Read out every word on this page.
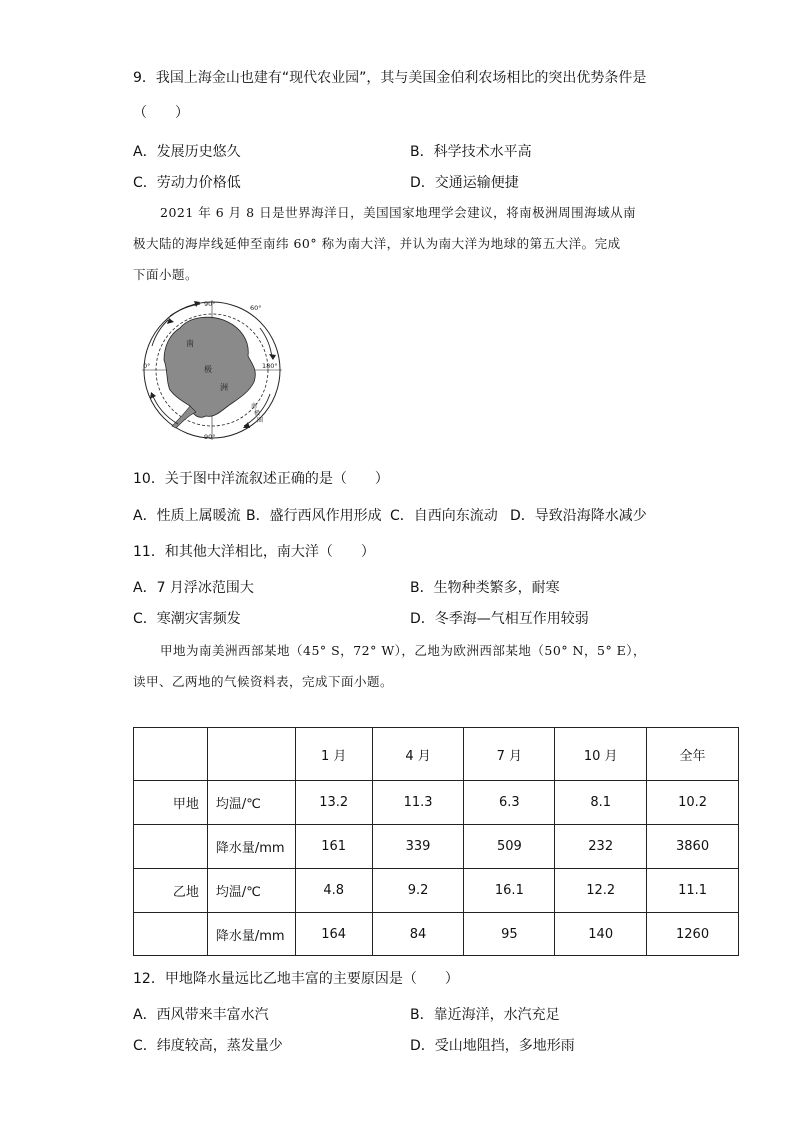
9．我国上海金山也建有“现代农业园”，其与美国金伯利农场相比的突出优势条件是
（　　）
A．发展历史悠久	B．科学技术水平高
C．劳动力价格低	D．交通运输便捷
2021 年 6 月 8 日是世界海洋日，美国国家地理学会建议，将南极洲周围海域从南
极大陆的海岸线延伸至南纬 60° 称为南大洋，并认为南大洋为地球的第五大洋。完成
下面小题。
90°
90°
0°	180°
60°
南
极
洲
南
极
圈
10．关于图中洋流叙述正确的是（　　）
A．性质上属暖流 B．盛行西风作用形成 C．自西向东流动 D．导致沿海降水减少
11．和其他大洋相比，南大洋（　　）
A．7 月浮冰范围大	B．生物种类繁多，耐寒
C．寒潮灾害频发	D．冬季海—气相互作用较弱
甲地为南美洲西部某地（45° S，72° W），乙地为欧洲西部某地（50° N，5° E），
读甲、乙两地的气候资料表，完成下面小题。
		1 月	4 月	7 月	10 月	全年
甲地	均温/℃	13.2	11.3	6.3	8.1	10.2
	降水量/mm	161	339	509	232	3860
乙地	均温/℃	4.8	9.2	16.1	12.2	11.1
	降水量/mm	164	84	95	140	1260
12．甲地降水量远比乙地丰富的主要原因是（　　）
A．西风带来丰富水汽	B．靠近海洋，水汽充足
C．纬度较高，蒸发量少	D．受山地阻挡，多地形雨
